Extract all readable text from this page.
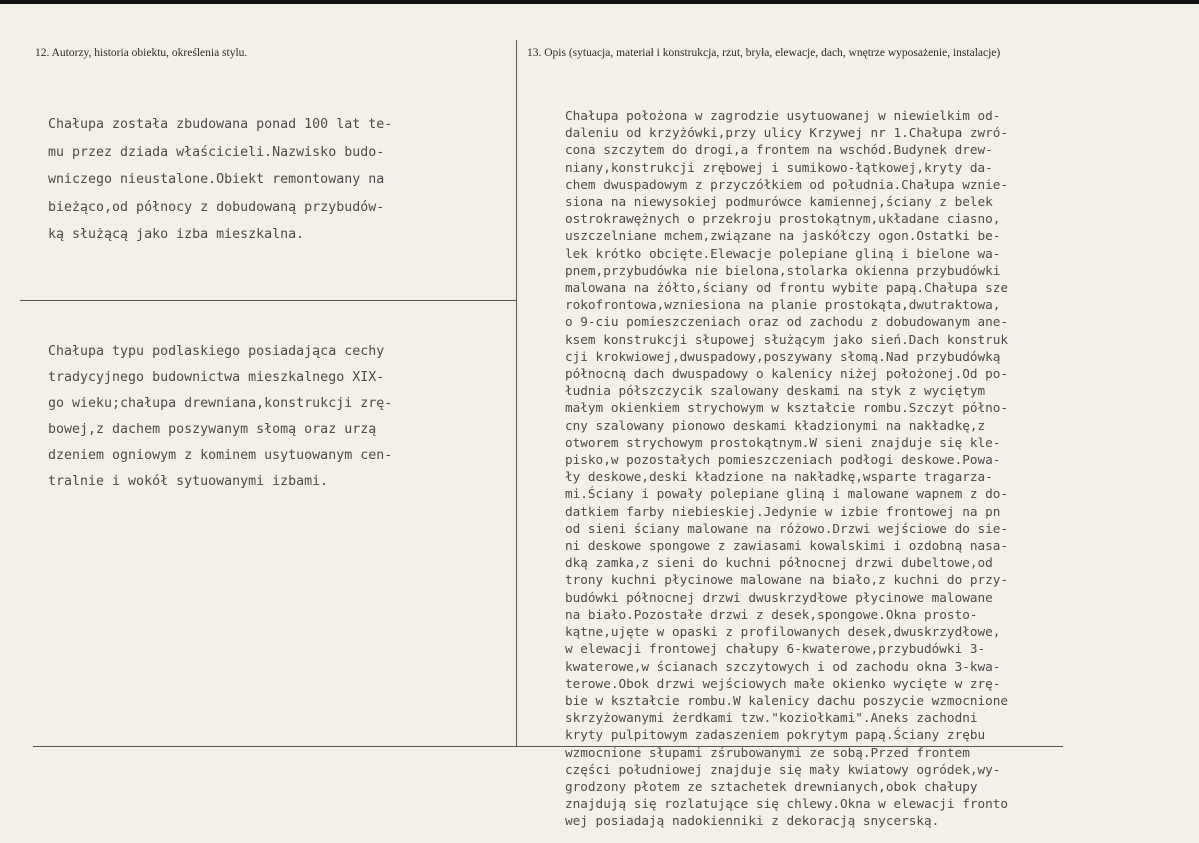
12. Autorzy, historia obiektu, określenia stylu.	13. Opis (sytuacja, materiał i konstrukcja, rzut, bryła, elewacje, dach, wnętrze wyposażenie, instalacje)
Chałupa została zbudowana ponad 100 lat te-
mu przez dziada właścicieli.Nazwisko budo-
wniczego nieustalone.Obiekt remontowany na
bieżąco,od północy z dobudowaną przybudów-
ką służącą jako izba mieszkalna.
Chałupa typu podlaskiego posiadająca cechy
tradycyjnego budownictwa mieszkalnego XIX-
go wieku;chałupa drewniana,konstrukcji zrę-
bowej,z dachem poszywanym słomą oraz urzą
dzeniem ogniowym z kominem usytuowanym cen-
tralnie i wokół sytuowanymi izbami.
Chałupa położona w zagrodzie usytuowanej w niewielkim od-
daleniu od krzyżówki,przy ulicy Krzywej nr 1.Chałupa zwró-
cona szczytem do drogi,a frontem na wschód.Budynek drew-
niany,konstrukcji zrębowej i sumikowo-łątkowej,kryty da-
chem dwuspadowym z przyczółkiem od południa.Chałupa wznie-
siona na niewysokiej podmurówce kamiennej,ściany z belek
ostrokrawężnych o przekroju prostokątnym,układane ciasno,
uszczelniane mchem,związane na jaskółczy ogon.Ostatki be-
lek krótko obcięte.Elewacje polepiane gliną i bielone wa-
pnem,przybudówka nie bielona,stolarka okienna przybudówki
malowana na żółto,ściany od frontu wybite papą.Chałupa sze
rokofrontowa,wzniesiona na planie prostokąta,dwutraktowa,
o 9-ciu pomieszczeniach oraz od zachodu z dobudowanym ane-
ksem konstrukcji słupowej służącym jako sień.Dach konstruk
cji krokwiowej,dwuspadowy,poszywany słomą.Nad przybudówką
północną dach dwuspadowy o kalenicy niżej położonej.Od po-
łudnia półszczycik szalowany deskami na styk z wyciętym
małym okienkiem strychowym w kształcie rombu.Szczyt półno-
cny szalowany pionowo deskami kładzionymi na nakładkę,z
otworem strychowym prostokątnym.W sieni znajduje się kle-
pisko,w pozostałych pomieszczeniach podłogi deskowe.Powa-
ły deskowe,deski kładzione na nakładkę,wsparte tragarza-
mi.Ściany i powały polepiane gliną i malowane wapnem z do-
datkiem farby niebieskiej.Jedynie w izbie frontowej na pn
od sieni ściany malowane na różowo.Drzwi wejściowe do sie-
ni deskowe spongowe z zawiasami kowalskimi i ozdobną nasa-
dką zamka,z sieni do kuchni północnej drzwi dubeltowe,od
trony kuchni płycinowe malowane na biało,z kuchni do przy-
budówki północnej drzwi dwuskrzydłowe płycinowe malowane
na biało.Pozostałe drzwi z desek,spongowe.Okna prosto-
kątne,ujęte w opaski z profilowanych desek,dwuskrzydłowe,
w elewacji frontowej chałupy 6-kwaterowe,przybudówki 3-
kwaterowe,w ścianach szczytowych i od zachodu okna 3-kwa-
terowe.Obok drzwi wejściowych małe okienko wycięte w zrę-
bie w kształcie rombu.W kalenicy dachu poszycie wzmocnione
skrzyżowanymi żerdkami tzw."koziołkami".Aneks zachodni
kryty pulpitowym zadaszeniem pokrytym papą.Ściany zrębu
wzmocnione słupami zśrubowanymi ze sobą.Przed frontem
części południowej znajduje się mały kwiatowy ogródek,wy-
grodzony płotem ze sztachetek drewnianych,obok chałupy
znajdują się rozlatujące się chlewy.Okna w elewacji fronto
wej posiadają nadokienniki z dekoracją snycerską.
